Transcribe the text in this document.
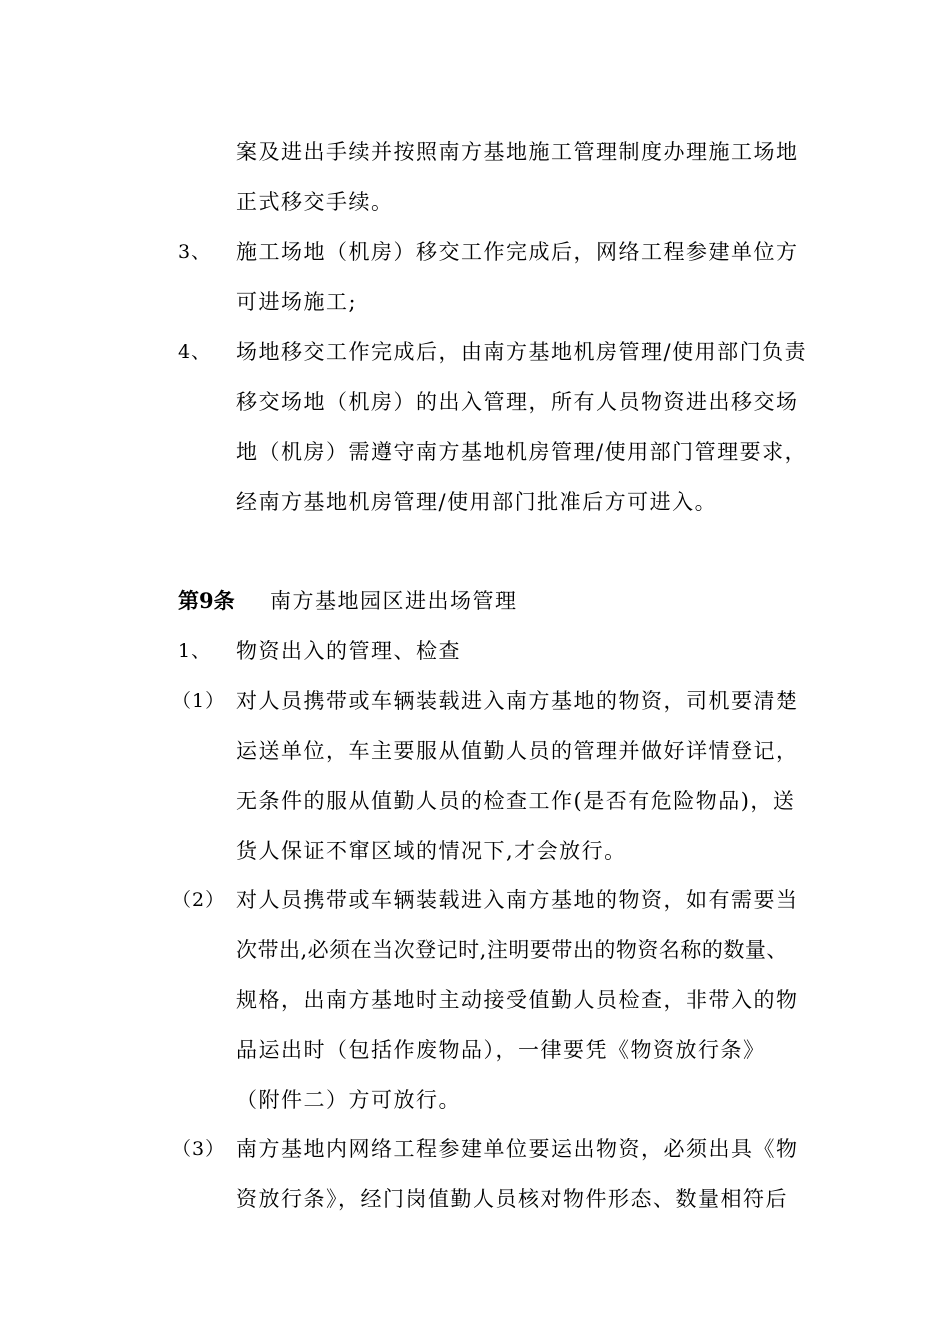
案及进出手续并按照南方基地施工管理制度办理施工场地
正式移交手续。
3、 施工场地（机房）移交工作完成后，网络工程参建单位方
可进场施工;
4、 场地移交工作完成后，由南方基地机房管理/使用部门负责
移交场地（机房）的出入管理，所有人员物资进出移交场
地（机房）需遵守南方基地机房管理/使用部门管理要求，
经南方基地机房管理/使用部门批准后方可进入。
第9条 南方基地园区进出场管理
1、 物资出入的管理、检查
（1） 对人员携带或车辆装载进入南方基地的物资，司机要清楚
运送单位，车主要服从值勤人员的管理并做好详情登记，
无条件的服从值勤人员的检查工作(是否有危险物品)，送
货人保证不窜区域的情况下,才会放行。
（2） 对人员携带或车辆装载进入南方基地的物资，如有需要当
次带出,必须在当次登记时,注明要带出的物资名称的数量、
规格，出南方基地时主动接受值勤人员检查，非带入的物
品运出时（包括作废物品），一律要凭《物资放行条》
（附件二）方可放行。
（3） 南方基地内网络工程参建单位要运出物资，必须出具《物
资放行条》，经门岗值勤人员核对物件形态、数量相符后
